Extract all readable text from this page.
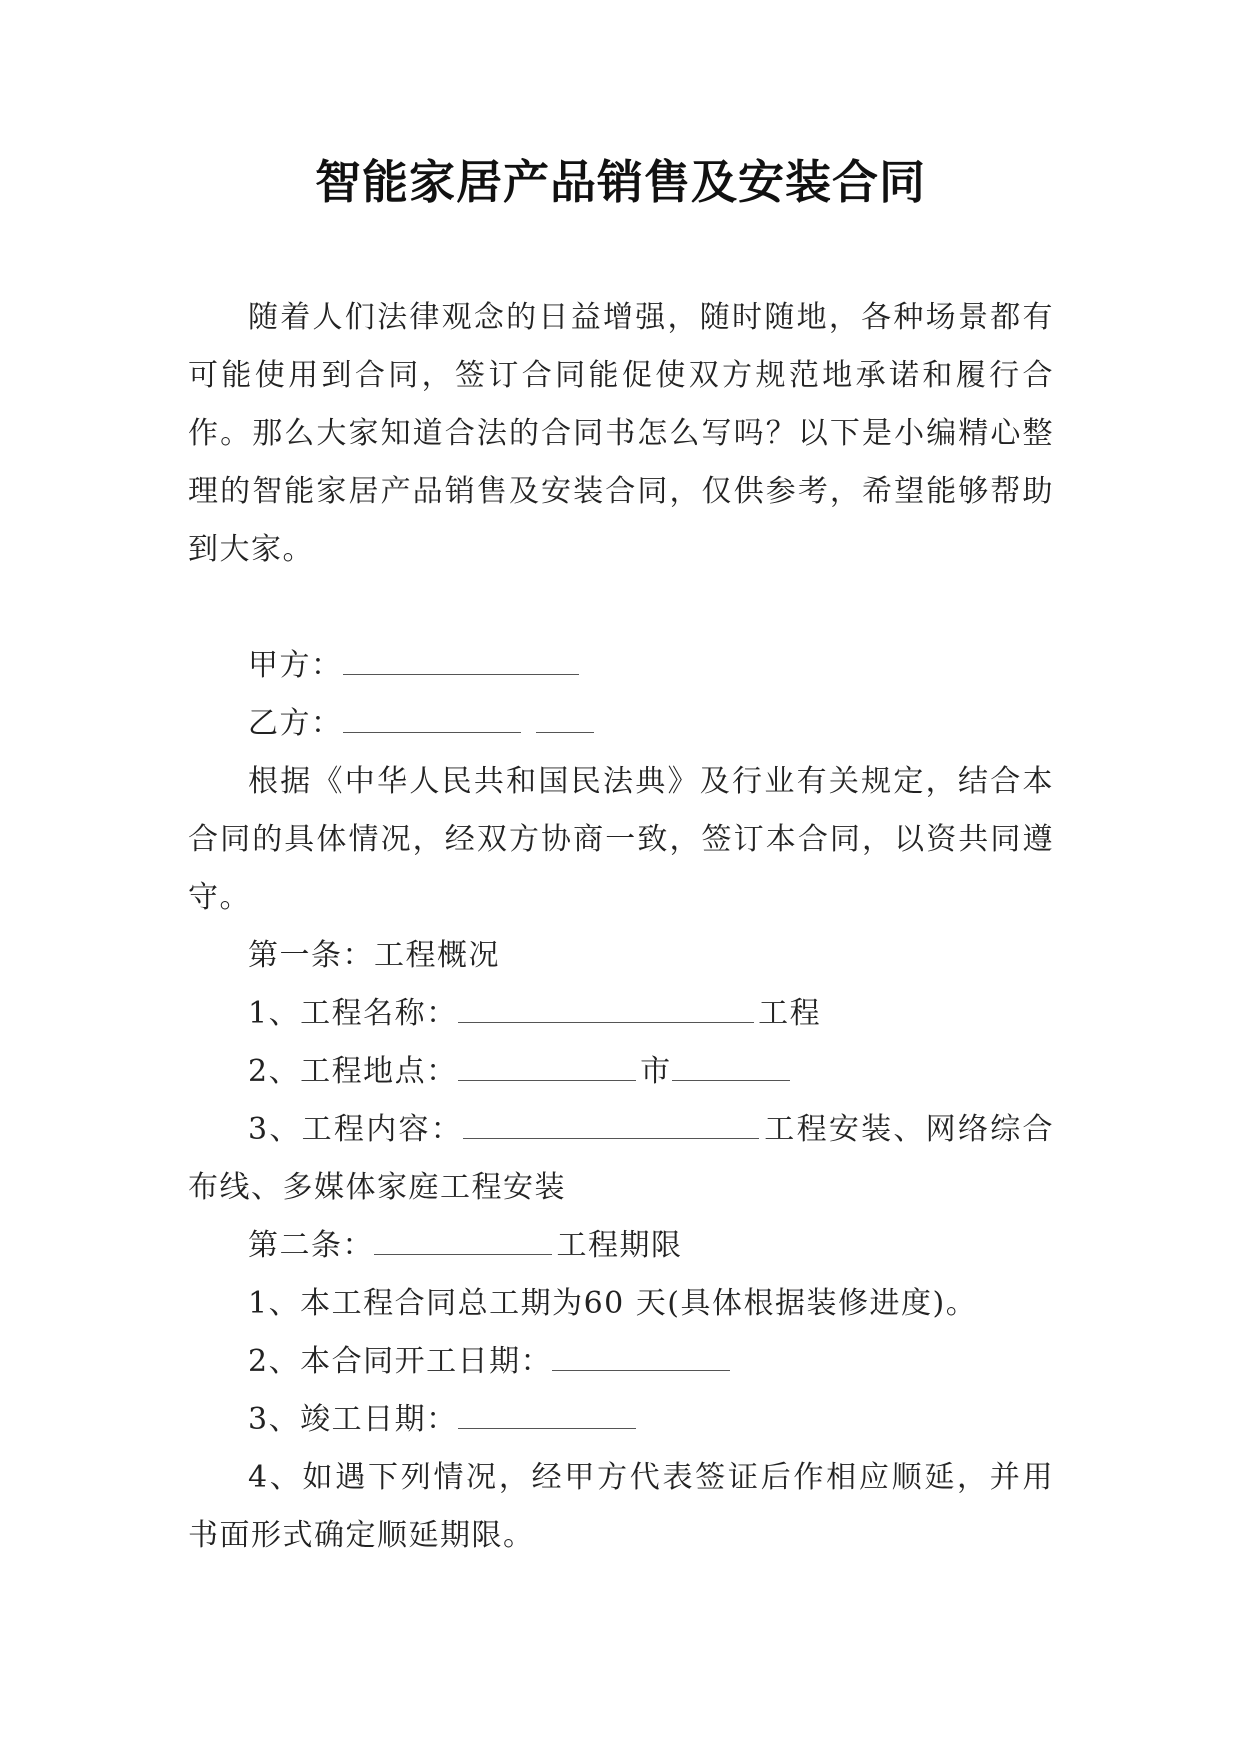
智能家居产品销售及安装合同

随着人们法律观念的日益增强，随时随地，各种场景都有可能使用到合同，签订合同能促使双方规范地承诺和履行合作。那么大家知道合法的合同书怎么写吗？以下是小编精心整理的智能家居产品销售及安装合同，仅供参考，希望能够帮助到大家。

甲方：

乙方：

根据《中华人民共和国民法典》及行业有关规定，结合本合同的具体情况，经双方协商一致，签订本合同，以资共同遵守。

第一条：工程概况

1、工程名称：	工程

2、工程地点：	市

3、工程内容：	工程安装、网络综合布线、多媒体家庭工程安装

第二条：	工程期限

1、本工程合同总工期为60 天(具体根据装修进度)。

2、本合同开工日期：

3、竣工日期：

4、如遇下列情况，经甲方代表签证后作相应顺延，并用书面形式确定顺延期限。
